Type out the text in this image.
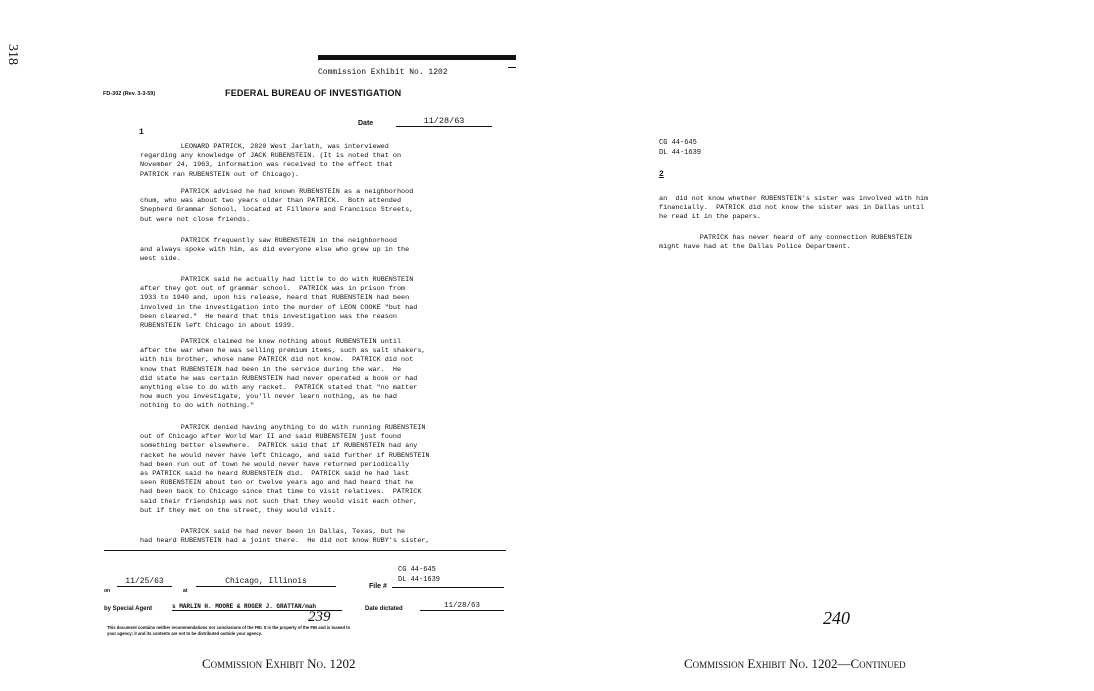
318
Commission Exhibit No. 1202
FD-302 (Rev. 3-3-59)	FEDERAL BUREAU OF INVESTIGATION
Date	11/28/63
1
LEONARD PATRICK, 2820 West Jarlath, was interviewed
regarding any knowledge of JACK RUBENSTEIN. (It is noted that on
November 24, 1963, information was received to the effect that
PATRICK ran RUBENSTEIN out of Chicago).
PATRICK advised he had known RUBENSTEIN as a neighborhood
chum, who was about two years older than PATRICK.  Both attended
Shepherd Grammar School, located at Fillmore and Francisco Streets,
but were not close friends.
PATRICK frequently saw RUBENSTEIN in the neighborhood
and always spoke with him, as did everyone else who grew up in the
west side.
PATRICK said he actually had little to do with RUBENSTEIN
after they got out of grammar school.  PATRICK was in prison from
1933 to 1940 and, upon his release, heard that RUBENSTEIN had been
involved in the investigation into the murder of LEON COOKE "but had
been cleared."  He heard that this investigation was the reason
RUBENSTEIN left Chicago in about 1939.
PATRICK claimed he knew nothing about RUBENSTEIN until
after the war when he was selling premium items, such as salt shakers,
with his brother, whose name PATRICK did not know.  PATRICK did not
know that RUBENSTEIN had been in the service during the war.  He
did state he was certain RUBENSTEIN had never operated a book or had
anything else to do with any racket.  PATRICK stated that "no matter
how much you investigate, you'll never learn nothing, as he had
nothing to do with nothing."
PATRICK denied having anything to do with running RUBENSTEIN
out of Chicago after World War II and said RUBENSTEIN just found
something better elsewhere.  PATRICK said that if RUBENSTEIN had any
racket he would never have left Chicago, and said further if RUBENSTEIN
had been run out of town he would never have returned periodically
as PATRICK said he heard RUBENSTEIN did.  PATRICK said he had last
seen RUBENSTEIN about ten or twelve years ago and had heard that he
had been back to Chicago since that time to visit relatives.  PATRICK
said their friendship was not such that they would visit each other,
but if they met on the street, they would visit.
PATRICK said he had never been in Dallas, Texas, but he
had heard RUBENSTEIN had a joint there.  He did not know RUBY's sister,
on
11/25/63
at
Chicago, Illinois
CG 44-645
DL 44-1639
File #
by Special Agent	s MARLIN H. MOORE & ROGER J. GRATTAN/mah	Date dictated	11/28/63
239
This document contains neither recommendations nor conclusions of the FBI. It is the property of the FBI and is loaned to
your agency; it and its contents are not to be distributed outside your agency.
Commission Exhibit No. 1202
CG 44-645
DL 44-1639
2
an  did not know whether RUBENSTEIN's sister was involved with him
financially.  PATRICK did not know the sister was in Dallas until
he read it in the papers.
PATRICK has never heard of any connection RUBENSTEIN
might have had at the Dallas Police Department.
240
Commission Exhibit No. 1202—Continued
